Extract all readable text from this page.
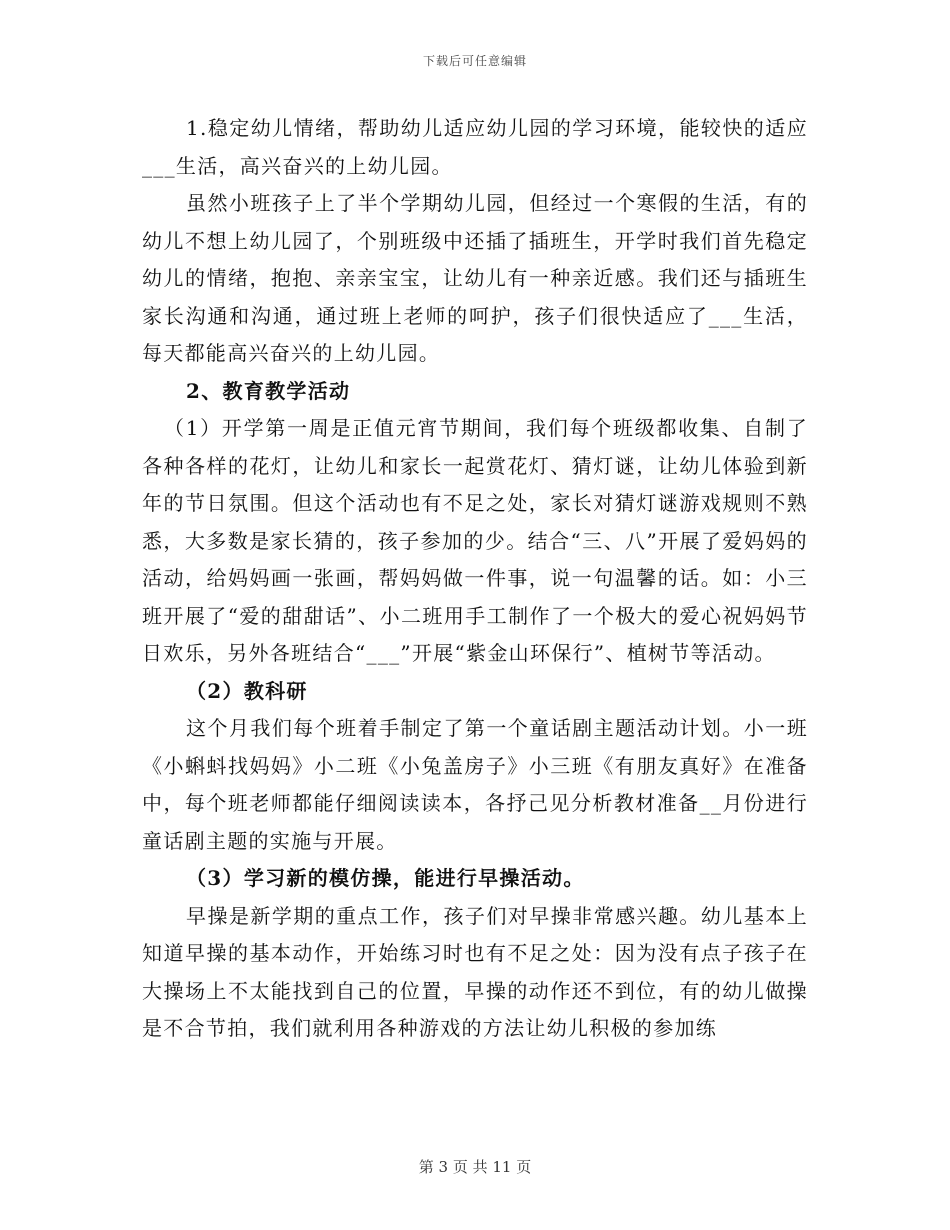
下载后可任意编辑

1.稳定幼儿情绪，帮助幼儿适应幼儿园的学习环境，能较快的适应___生活，高兴奋兴的上幼儿园。

虽然小班孩子上了半个学期幼儿园，但经过一个寒假的生活，有的幼儿不想上幼儿园了，个别班级中还插了插班生，开学时我们首先稳定幼儿的情绪，抱抱、亲亲宝宝，让幼儿有一种亲近感。我们还与插班生家长沟通和沟通，通过班上老师的呵护，孩子们很快适应了___生活，每天都能高兴奋兴的上幼儿园。

2、教育教学活动

（1）开学第一周是正值元宵节期间，我们每个班级都收集、自制了各种各样的花灯，让幼儿和家长一起赏花灯、猜灯谜，让幼儿体验到新年的节日氛围。但这个活动也有不足之处，家长对猜灯谜游戏规则不熟悉，大多数是家长猜的，孩子参加的少。结合“三、八”开展了爱妈妈的活动，给妈妈画一张画，帮妈妈做一件事，说一句温馨的话。如：小三班开展了“爱的甜甜话”、小二班用手工制作了一个极大的爱心祝妈妈节日欢乐，另外各班结合“___”开展“紫金山环保行”、植树节等活动。

（2）教科研

这个月我们每个班着手制定了第一个童话剧主题活动计划。小一班《小蝌蚪找妈妈》小二班《小兔盖房子》小三班《有朋友真好》在准备中，每个班老师都能仔细阅读读本，各抒己见分析教材准备__月份进行童话剧主题的实施与开展。

（3）学习新的模仿操，能进行早操活动。

早操是新学期的重点工作，孩子们对早操非常感兴趣。幼儿基本上知道早操的基本动作，开始练习时也有不足之处：因为没有点子孩子在大操场上不太能找到自己的位置，早操的动作还不到位，有的幼儿做操是不合节拍，我们就利用各种游戏的方法让幼儿积极的参加练

第 3 页 共 11 页
